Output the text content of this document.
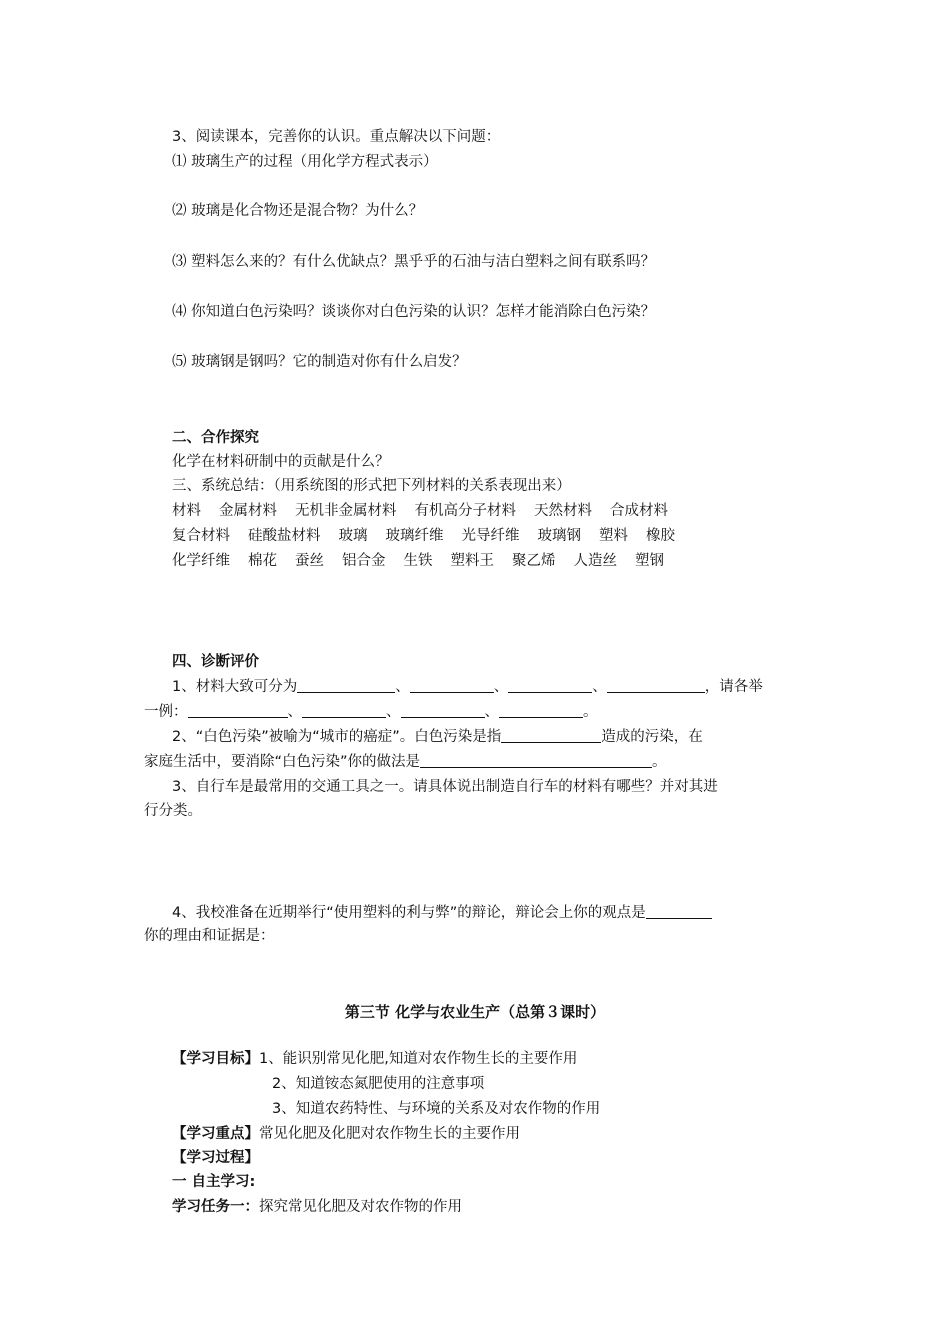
3、阅读课本，完善你的认识。重点解决以下问题：
⑴ 玻璃生产的过程（用化学方程式表示）
⑵ 玻璃是化合物还是混合物？为什么？
⑶ 塑料怎么来的？有什么优缺点？黑乎乎的石油与洁白塑料之间有联系吗？
⑷ 你知道白色污染吗？谈谈你对白色污染的认识？怎样才能消除白色污染？
⑸ 玻璃钢是钢吗？它的制造对你有什么启发？
二、合作探究
化学在材料研制中的贡献是什么？
三、系统总结：（用系统图的形式把下列材料的关系表现出来）
材料 金属材料 无机非金属材料 有机高分子材料 天然材料 合成材料
复合材料 硅酸盐材料 玻璃 玻璃纤维 光导纤维 玻璃钢 塑料 橡胶
化学纤维 棉花 蚕丝 铝合金 生铁 塑料王 聚乙烯 人造丝 塑钢
四、诊断评价
1、材料大致可分为	、	、	、	，请各举
一例：	、	、	、	。
2、“白色污染”被喻为“城市的癌症”。白色污染是指	造成的污染，在
家庭生活中，要消除“白色污染”你的做法是	。
3、自行车是最常用的交通工具之一。请具体说出制造自行车的材料有哪些？并对其进
行分类。
4、我校准备在近期举行“使用塑料的利与弊”的辩论，辩论会上你的观点是
你的理由和证据是：
第三节 化学与农业生产（总第３课时）
【学习目标】1、能识别常见化肥,知道对农作物生长的主要作用
2、知道铵态氮肥使用的注意事项
3、知道农药特性、与环境的关系及对农作物的作用
【学习重点】常见化肥及化肥对农作物生长的主要作用
【学习过程】
一 自主学习:
学习任务一：探究常见化肥及对农作物的作用
